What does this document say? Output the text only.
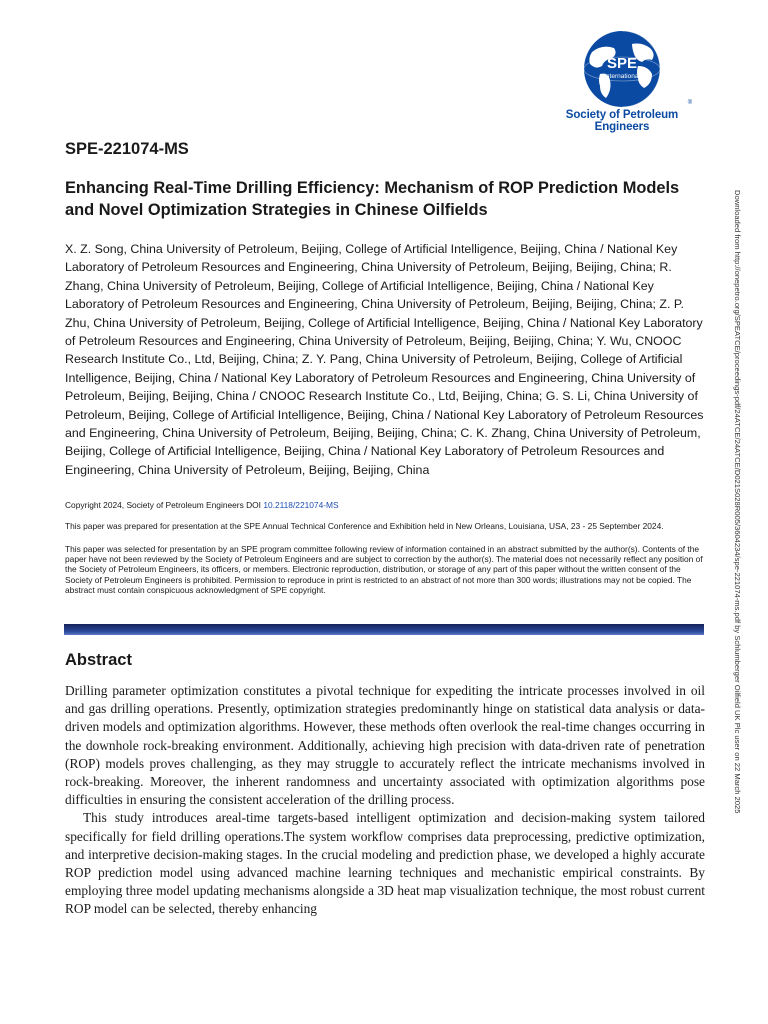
SPE
International
®
Society of Petroleum Engineers
SPE-221074-MS
Enhancing Real-Time Drilling Efficiency: Mechanism of ROP Prediction Models and Novel Optimization Strategies in Chinese Oilfields
X. Z. Song, China University of Petroleum, Beijing, College of Artificial Intelligence, Beijing, China / National Key Laboratory of Petroleum Resources and Engineering, China University of Petroleum, Beijing, Beijing, China; R. Zhang, China University of Petroleum, Beijing, College of Artificial Intelligence, Beijing, China / National Key Laboratory of Petroleum Resources and Engineering, China University of Petroleum, Beijing, Beijing, China; Z. P. Zhu, China University of Petroleum, Beijing, College of Artificial Intelligence, Beijing, China / National Key Laboratory of Petroleum Resources and Engineering, China University of Petroleum, Beijing, Beijing, China; Y. Wu, CNOOC Research Institute Co., Ltd, Beijing, China; Z. Y. Pang, China University of Petroleum, Beijing, College of Artificial Intelligence, Beijing, China / National Key Laboratory of Petroleum Resources and Engineering, China University of Petroleum, Beijing, Beijing, China / CNOOC Research Institute Co., Ltd, Beijing, China; G. S. Li, China University of Petroleum, Beijing, College of Artificial Intelligence, Beijing, China / National Key Laboratory of Petroleum Resources and Engineering, China University of Petroleum, Beijing, Beijing, China; C. K. Zhang, China University of Petroleum, Beijing, College of Artificial Intelligence, Beijing, China / National Key Laboratory of Petroleum Resources and Engineering, China University of Petroleum, Beijing, Beijing, China
Copyright 2024, Society of Petroleum Engineers DOI 10.2118/221074-MS
This paper was prepared for presentation at the SPE Annual Technical Conference and Exhibition held in New Orleans, Louisiana, USA, 23 - 25 September 2024.
This paper was selected for presentation by an SPE program committee following review of information contained in an abstract submitted by the author(s). Contents of the paper have not been reviewed by the Society of Petroleum Engineers and are subject to correction by the author(s). The material does not necessarily reflect any position of the Society of Petroleum Engineers, its officers, or members. Electronic reproduction, distribution, or storage of any part of this paper without the written consent of the Society of Petroleum Engineers is prohibited. Permission to reproduce in print is restricted to an abstract of not more than 300 words; illustrations may not be copied. The abstract must contain conspicuous acknowledgment of SPE copyright.
Abstract

Drilling parameter optimization constitutes a pivotal technique for expediting the intricate processes involved in oil and gas drilling operations. Presently, optimization strategies predominantly hinge on statistical data analysis or data-driven models and optimization algorithms. However, these methods often overlook the real-time changes occurring in the downhole rock-breaking environment. Additionally, achieving high precision with data-driven rate of penetration (ROP) models proves challenging, as they may struggle to accurately reflect the intricate mechanisms involved in rock-breaking. Moreover, the inherent randomness and uncertainty associated with optimization algorithms pose difficulties in ensuring the consistent acceleration of the drilling process.

This study introduces areal-time targets-based intelligent optimization and decision-making system tailored specifically for field drilling operations.The system workflow comprises data preprocessing, predictive optimization, and interpretive decision-making stages. In the crucial modeling and prediction phase, we developed a highly accurate ROP prediction model using advanced machine learning techniques and mechanistic empirical constraints. By employing three model updating mechanisms alongside a 3D heat map visualization technique, the most robust current ROP model can be selected, thereby enhancing

Downloaded from http://onepetro.org/SPEATCE/proceedings-pdf/24ATCE/24ATCE/D021S028R005/3604234/spe-221074-ms.pdf by Schlumberger Oilfield UK Plc user on 22 March 2025
